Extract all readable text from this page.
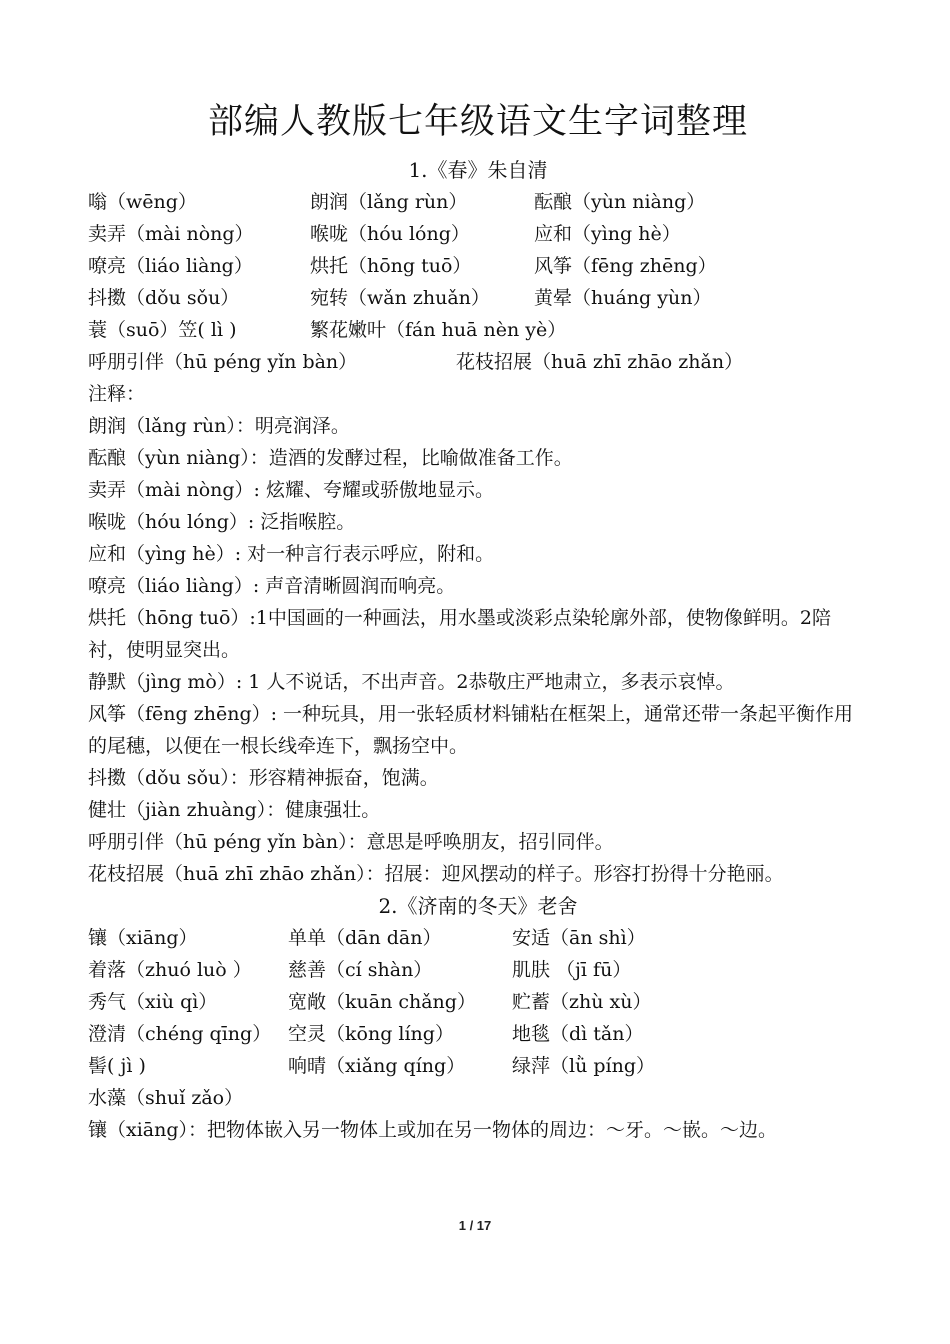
部编人教版七年级语文生字词整理
1.《春》朱自清
嗡（wēng）	朗润（lǎng rùn）	酝酿（yùn niàng）
卖弄（mài nòng）	喉咙（hóu lóng）	应和（yìng hè）
嘹亮（liáo liàng）	烘托（hōng tuō）	风筝（fēng zhēng）
抖擞（dǒu sǒu）	宛转（wǎn zhuǎn）	黄晕（huáng yùn）
蓑（suō）笠( lì )	繁花嫩叶（fán huā nèn yè）
呼朋引伴（hū péng yǐn bàn）	花枝招展（huā zhī zhāo zhǎn）
注释：
朗润（lǎng rùn）：明亮润泽。
酝酿（yùn niàng）：造酒的发酵过程，比喻做准备工作。
卖弄（mài nòng）: 炫耀、夸耀或骄傲地显示。
喉咙（hóu lóng）: 泛指喉腔。
应和（yìng hè）: 对一种言行表示呼应，附和。
嘹亮（liáo liàng）: 声音清晰圆润而响亮。
烘托（hōng tuō）:1中国画的一种画法，用水墨或淡彩点染轮廓外部，使物像鲜明。2陪衬，使明显突出。
静默（jìng mò）: 1 人不说话，不出声音。2恭敬庄严地肃立，多表示哀悼。
风筝（fēng zhēng）: 一种玩具，用一张轻质材料铺粘在框架上，通常还带一条起平衡作用的尾穗，以便在一根长线牵连下，飘扬空中。
抖擞（dǒu sǒu）：形容精神振奋，饱满。
健壮（jiàn zhuàng）：健康强壮。
呼朋引伴（hū péng yǐn bàn）：意思是呼唤朋友，招引同伴。
花枝招展（huā zhī zhāo zhǎn）：招展：迎风摆动的样子。形容打扮得十分艳丽。
2.《济南的冬天》老舍
镶（xiāng）	单单（dān dān）	安适（ān shì）
着落（zhuó luò ）	慈善（cí shàn）	肌肤 （jī fū）
秀气（xiù qì）	宽敞（kuān chǎng）	贮蓄（zhù xù）
澄清（chéng qīng） 空灵（kōng líng）	地毯（dì tǎn）
髻( jì )	响晴（xiǎng qíng）	绿萍（lǜ píng）
水藻（shuǐ zǎo）
镶（xiāng）：把物体嵌入另一物体上或加在另一物体的周边：～牙。～嵌。～边。
1 / 17
